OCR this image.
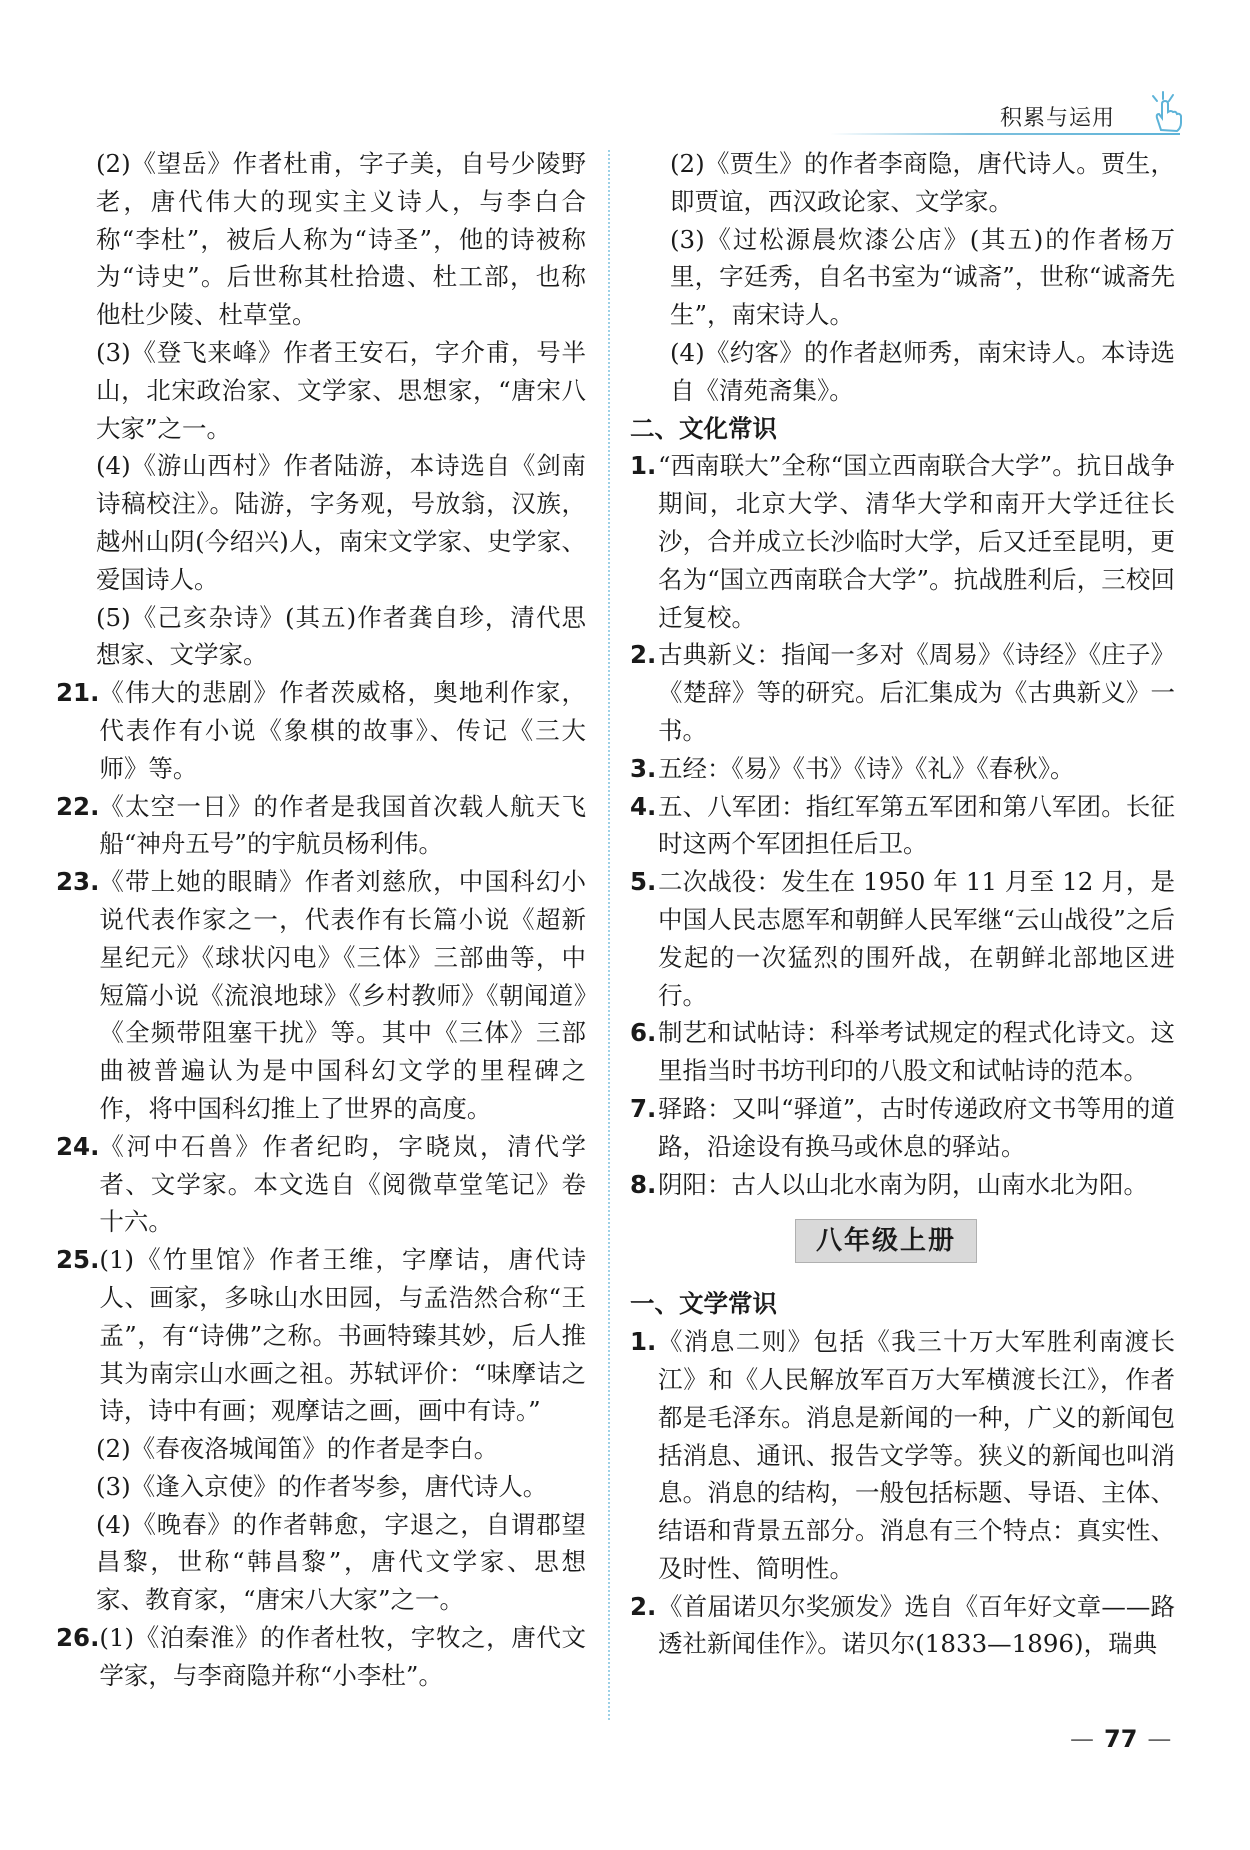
积累与运用

(2)《望岳》作者杜甫，字子美，自号少陵野老，唐代伟大的现实主义诗人，与李白合称“李杜”，被后人称为“诗圣”，他的诗被称为“诗史”。后世称其杜拾遗、杜工部，也称他杜少陵、杜草堂。

(3)《登飞来峰》作者王安石，字介甫，号半山，北宋政治家、文学家、思想家，“唐宋八大家”之一。

(4)《游山西村》作者陆游，本诗选自《剑南诗稿校注》。陆游，字务观，号放翁，汉族，越州山阴(今绍兴)人，南宋文学家、史学家、爱国诗人。

(5)《己亥杂诗》(其五)作者龚自珍，清代思想家、文学家。

21. 《伟大的悲剧》作者茨威格，奥地利作家，代表作有小说《象棋的故事》、传记《三大师》等。
22. 《太空一日》的作者是我国首次载人航天飞船“神舟五号”的宇航员杨利伟。
23. 《带上她的眼睛》作者刘慈欣，中国科幻小说代表作家之一，代表作有长篇小说《超新星纪元》《球状闪电》《三体》三部曲等，中短篇小说《流浪地球》《乡村教师》《朝闻道》《全频带阻塞干扰》等。其中《三体》三部曲被普遍认为是中国科幻文学的里程碑之作，将中国科幻推上了世界的高度。
24. 《河中石兽》作者纪昀，字晓岚，清代学者、文学家。本文选自《阅微草堂笔记》卷十六。
25. (1)《竹里馆》作者王维，字摩诘，唐代诗人、画家，多咏山水田园，与孟浩然合称“王孟”，有“诗佛”之称。书画特臻其妙，后人推其为南宗山水画之祖。苏轼评价：“味摩诘之诗，诗中有画；观摩诘之画，画中有诗。”

(2)《春夜洛城闻笛》的作者是李白。

(3)《逢入京使》的作者岑参，唐代诗人。

(4)《晚春》的作者韩愈，字退之，自谓郡望昌黎，世称“韩昌黎”，唐代文学家、思想家、教育家，“唐宋八大家”之一。

26. (1)《泊秦淮》的作者杜牧，字牧之，唐代文学家，与李商隐并称“小李杜”。

(2)《贾生》的作者李商隐，唐代诗人。贾生，即贾谊，西汉政论家、文学家。

(3)《过松源晨炊漆公店》(其五)的作者杨万里，字廷秀，自名书室为“诚斋”，世称“诚斋先生”，南宋诗人。

(4)《约客》的作者赵师秀，南宋诗人。本诗选自《清苑斋集》。

二、文化常识

1. “西南联大”全称“国立西南联合大学”。抗日战争期间，北京大学、清华大学和南开大学迁往长沙，合并成立长沙临时大学，后又迁至昆明，更名为“国立西南联合大学”。抗战胜利后，三校回迁复校。
2. 古典新义：指闻一多对《周易》《诗经》《庄子》《楚辞》等的研究。后汇集成为《古典新义》一书。
3. 五经：《易》《书》《诗》《礼》《春秋》。
4. 五、八军团：指红军第五军团和第八军团。长征时这两个军团担任后卫。
5. 二次战役：发生在 1950 年 11 月至 12 月，是中国人民志愿军和朝鲜人民军继“云山战役”之后发起的一次猛烈的围歼战，在朝鲜北部地区进行。
6. 制艺和试帖诗：科举考试规定的程式化诗文。这里指当时书坊刊印的八股文和试帖诗的范本。
7. 驿路：又叫“驿道”，古时传递政府文书等用的道路，沿途设有换马或休息的驿站。
8. 阴阳：古人以山北水南为阴，山南水北为阳。
八年级上册

一、文学常识

1. 《消息二则》包括《我三十万大军胜利南渡长江》和《人民解放军百万大军横渡长江》，作者都是毛泽东。消息是新闻的一种，广义的新闻包括消息、通讯、报告文学等。狭义的新闻也叫消息。消息的结构，一般包括标题、导语、主体、结语和背景五部分。消息有三个特点：真实性、及时性、简明性。
2. 《首届诺贝尔奖颁发》选自《百年好文章——路透社新闻佳作》。诺贝尔(1833—1896)，瑞典
— 77 —
